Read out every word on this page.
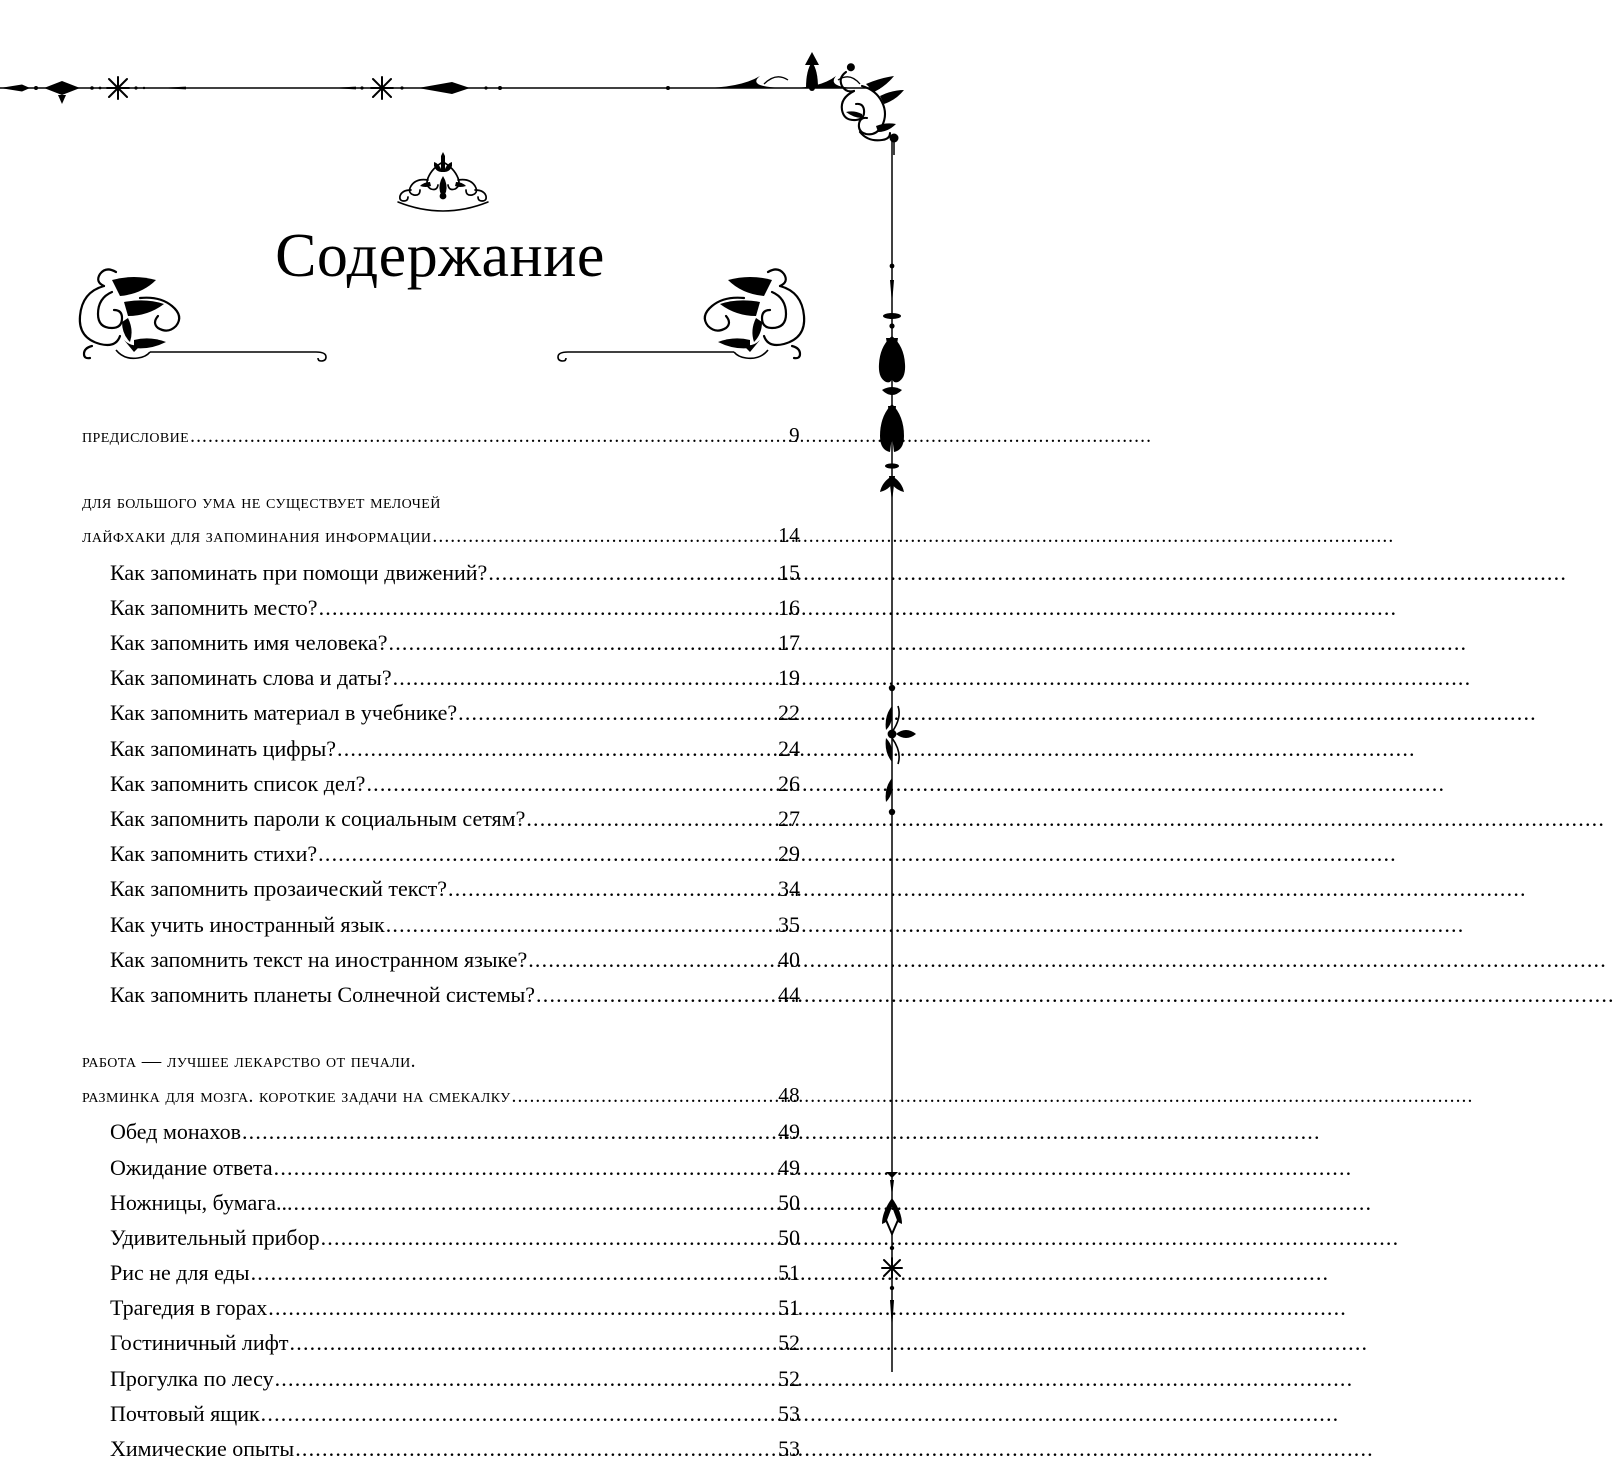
Содержание
предисловие .....	9
для большого ума не существует мелочей
лайфхаки для запоминания информации .....	14
Как запоминать при помощи движений? .....	15
Как запомнить место? .....	16
Как запомнить имя человека? .....	17
Как запоминать слова и даты? .....	19
Как запомнить материал в учебнике? .....	22
Как запоминать цифры? .....	24
Как запомнить список дел? .....	26
Как запомнить пароли к социальным сетям? .....	27
Как запомнить стихи? .....	29
Как запомнить прозаический текст? .....	34
Как учить иностранный язык .....	35
Как запомнить текст на иностранном языке? .....	40
Как запомнить планеты Солнечной системы? .....	44
работа — лучшее лекарство от печали.
разминка для мозга. короткие задачи на смекалку .....	48
Обед монахов .....	49
Ожидание ответа .....	49
Ножницы, бумага... .....	50
Удивительный прибор .....	50
Рис не для еды .....	51
Трагедия в горах .....	51
Гостиничный лифт .....	52
Прогулка по лесу .....	52
Почтовый ящик .....	53
Химические опыты .....	53
